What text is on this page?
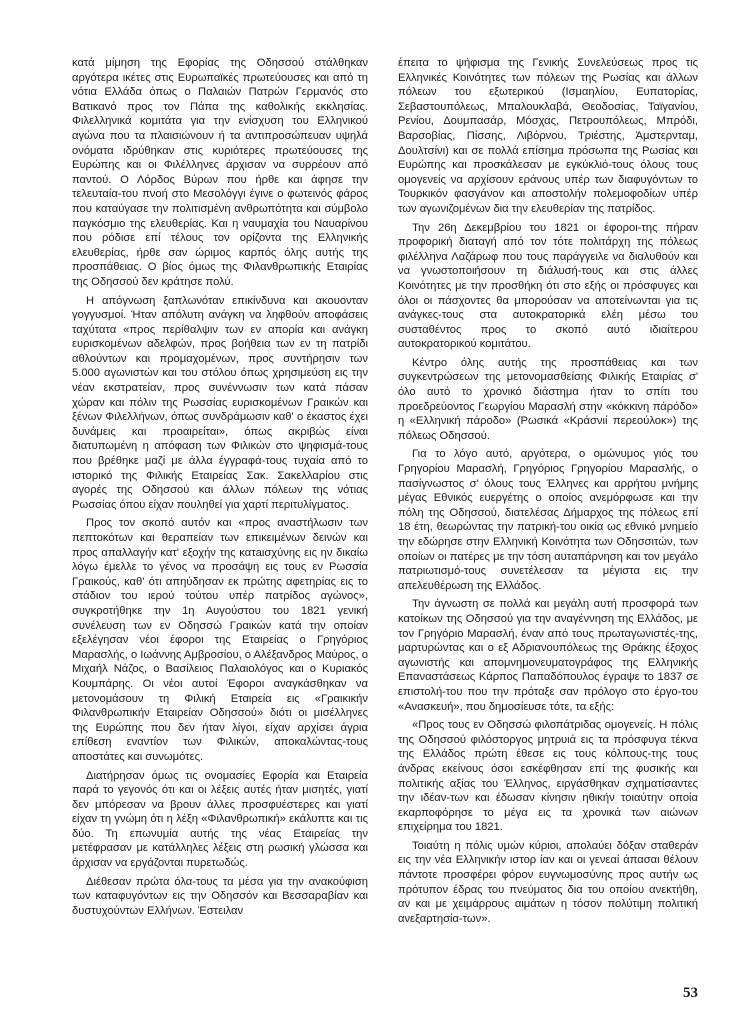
κατά μίμηση της Εφορίας της Οδησσού στάλθηκαν αργότερα ικέτες στις Ευρωπαϊκές πρωτεύουσες και από τη νότια Ελλάδα όπως ο Παλαιών Πατρών Γερμανός στο Βατικανό προς τον Πάπα της καθολικής εκκλησίας. Φιλελληνικά κομιτάτα για την ενίσχυση του Ελληνικού αγώνα που τα πλαισιώνουν ή τα αντιπροσώπευαν υψηλά ονόματα ιδρύθηκαν στις κυριότερες πρωτεύουσες της Ευρώπης και οι Φιλέλληνες άρχισαν να συρρέουν από παντού. Ο Λόρδος Βύρων που ήρθε και άφησε την τελευταία-του πνοή στο Μεσολόγγι έγινε ο φωτεινός φάρος που καταύγασε την πολιτισμένη ανθρωπότητα και σύμβολο παγκόσμιο της ελευθερίας. Και η ναυμαχία του Ναυαρίνου που ρόδισε επί τέλους τον ορίζοντα της Ελληνικής ελευθερίας, ήρθε σαν ώριμος καρπός όλης αυτής της προσπάθειας. Ο βίος όμως της Φιλανθρωπικής Εταιρίας της Οδησσού δεν κράτησε πολύ.

Η απόγνωση ξαπλωνόταν επικίνδυνα και ακουονταν γογγυσμοί. Ήταν απόλυτη ανάγκη να ληφθούν αποφάσεις ταχύτατα «προς περίθαλψιν των εν απορία και ανάγκη ευρισκομένων αδελφών, προς βοήθεια των εν τη πατρίδι αθλούντων και προμαχομένων, προς συντήρησιν των 5.000 αγωνιστών και του στόλου όπως χρησιμεύση εις την νέαν εκστρατείαν, προς συνέννωσιν των κατά πάσαν χώραν και πόλιν της Ρωσσίας ευρισκομένων Γραικών και ξένων Φιλελλήνων, όπως συνδράμωσιν καθ' ο έκαστος έχει δυνάμεις και προαιρείται», όπως ακριβώς είναι διατυπωμένη η απόφαση των Φιλικών στο ψηφισμά-τους που βρέθηκε μαζί με άλλα έγγραφά-τους τυχαία από το ιστορικό της Φιλικής Εταιρείας Σακ. Σακελλαρίου στις αγορές της Οδησσού και άλλων πόλεων της νότιας Ρωσσίας όπου είχαν πουληθεί για χαρτί περιτυλίγματος.

Προς τον σκοπό αυτόν και «προς αναστήλωσιν των πεπτοκότων και θεραπείαν των επικειμένων δεινών και προς απαλλαγήν κατ' εξοχήν της κατaισχύνης εις ην δικαίω λόγω έμελλε το γένος να προσάψη εις τους εν Ρωσσία Γραικούς, καθ' ότι απηύδησαν εκ πρώτης αφετηρίας εις το στάδιον του ιερού τούτου υπέρ πατρίδος αγώνος», συγκροτήθηκε την 1η Αυγούστου του 1821 γενική συνέλευση των εν Οδησσώ Γραικών κατά την οποίαν εξελέγησαν νέοι έφοροι της Εταιρείας ο Γρηγόριος Μαρασλής, ο Ιωάννης Αμβροσίου, ο Αλέξανδρος Μαύρος, ο Μιχαήλ Νάζος, ο Βασίλειος Παλαιολόγος και ο Κυριακός Κουμπάρης. Οι νέοι αυτοί Έφοροι αναγκάσθηκαν να μετονομάσουν τη Φιλική Εταιρεία εις «Γραικικήν Φιλανθρωπικήν Εταιρείαν Οδησσού» διότι οι μισέλληνες της Ευρώπης που δεν ήταν λίγοι, είχαν αρχίσει άγρια επίθεση εναντίον των Φιλικών, αποκαλώντας-τους αποστάτες και συνωμότες.

Διατήρησαν όμως τις ονομασίες Εφορία και Εταιρεία παρά το γεγονός ότι και οι λέξεις αυτές ήταν μισητές, γιατί δεν μπόρεσαν να βρουν άλλες προσφυέστερες και γιατί είχαν τη γνώμη ότι η λέξη «Φιλανθρωπική» εκάλυπτε και τις δύο. Τη επωνυμία αυτής της νέας Εταιρείας την μετέφρασαν με κατάλληλες λέξεις στη ρωσική γλώσσα και άρχισαν να εργάζονται πυρετωδώς.

Διέθεσαν πρώτα όλα-τους τα μέσα για την ανακούφιση των καταφυγόντων εις την Οδησσόν και Βεσσαραβίαν και δυστυχούντων Ελλήνων. Έστειλαν

έπειτα το ψήφισμα της Γενικής Συνελεύσεως προς τις Ελληνικές Κοινότητες των πόλεων της Ρωσίας και άλλων πόλεων του εξωτερικού (Ισμαηλίου, Ευπατορίας, Σεβαστουπόλεως, Μπαλουκλαβά, Θεοδοσίας, Ταϊγανίου, Ρενίου, Δουμπασάρ, Μόσχας, Πετρουπόλεως, Μπρόδι, Βαρσοβίας, Πίσσης, Λιβόρνου, Τριέστης, Άμστερνταμ, Δουλτσίνι) και σε πολλά επίσημα πρόσωπα της Ρωσίας και Ευρώπης και προσκάλεσαν με εγκύκλιό-τους όλους τους ομογενείς να αρχίσουν εράνους υπέρ των διαφυγόντων το Τουρκικόν φασγάνον και αποστολήν πολεμοφοδίων υπέρ των αγωνιζομένων δια την ελευθερίαν της πατρίδος.

Την 26η Δεκεμβρίου του 1821 οι έφοροι-της πήραν προφορική διαταγή από τον τότε πολιτάρχη της πόλεως φιλέλληνα Λαζάρωφ που τους παράγγειλε να διαλυθούν και να γνωστοποιήσουν τη διάλυσή-τους και στις άλλες Κοινότητες με την προσθήκη ότι στο εξής οι πρόσφυγες και όλοι οι πάσχοντες θα μπορούσαν να αποτείνωνται για τις ανάγκες-τους στα αυτοκρατορικά ελέη μέσω του συσταθέντος προς το σκοπό αυτό ιδιαίτερου αυτοκρατορικού κομιτάτου.

Κέντρο όλης αυτής της προσπάθειας και των συγκεντρώσεων της μετονομασθείσης Φιλικής Εταιρίας σ' όλο αυτό το χρονικό διάστημα ήταν το σπίτι του προεδρεύοντος Γεωργίου Μαρασλή στην «κόκκινη πάρόδο» η «Ελληνική πάροδο» (Ρωσικά «Κράσνιί περεούλοκ») της πόλεως Οδησσού.

Για το λόγο αυτό, αργότερα, ο ομώνυμος γιός του Γρηγορίου Μαρασλή, Γρηγόριος Γρηγορίου Μαρασλής, ο πασίγνωστος σ' όλους τους Έλληνες και αρρήτου μνήμης μέγας Εθνικός ευεργέτης ο οποίος ανεμόρφωσε και την πόλη της Οδησσού, διατελέσας Δήμαρχος της πόλεως επί 18 έτη, θεωρώντας την πατρική-του οικία ως εθνικό μνημείο την εδώρησε στην Ελληνική Κοινότητα των Οδησσιτών, των οποίων οι πατέρες με την τόση αυταπάρνηση και τον μεγάλο πατριωτισμό-τους συνετέλεσαν τα μέγιστα εις την απελευθέρωση της Ελλάδος.

Την άγνωστη σε πολλά και μεγάλη αυτή προσφορά των κατοίκων της Οδησσού για την αναγέννηση της Ελλάδος, με τον Γρηγόριο Μαρασλή, έναν από τους πρωταγωνιστές-της, μαρτυρώντας και ο εξ Αδριανουπόλεως της Θράκης έξοχος αγωνιστής και απομνημονευματογράφος της Ελληνικής Επαναστάσεως Κάρπος Παπαδόπουλος έγραψε το 1837 σε επιστολή-του που την πρόταξε σαν πρόλογο στο έργο-του «Ανασκευή», που δημοσίευσε τότε, τα εξής:

«Προς τους εν Οδησσώ φιλοπάτριδας ομογενείς. Η πόλις της Οδησσού φιλόστοργος μητρυιά εις τα πρόσφυγα τέκνα της Ελλάδος πρώτη έθεσε εις τους κόλπους-της τους άνδρας εκείνους όσοι εσκέφθησαν επί της φυσικής και πολιτικής αξίας του Έλληνος, ειργάσθηκαν σχηματίσαντες την ιδέαν-των και έδωσαν κίνησιν ηθικήν τοιαύτην οποία εκαρποφόρησε το μέγα εις τα χρονικά των αιώνων επιχείρημα του 1821.

Τοιαύτη η πόλις υμών κύριοι, απολαύει δόξαν σταθεράν εις την νέα Ελληνικήν ιστορ ίαν και οι γενεαί άπασαι θέλουν πάντοτε προσφέρει φόρον ευγνωμοσύνης προς αυτήν ως πρότυπον έδρας του πνεύματος δια του οποίου ανεκτήθη, αν και με χειμάρρους αιμάτων η τόσον πολύτιμη πολιτική ανεξαρτησία-των».

53
